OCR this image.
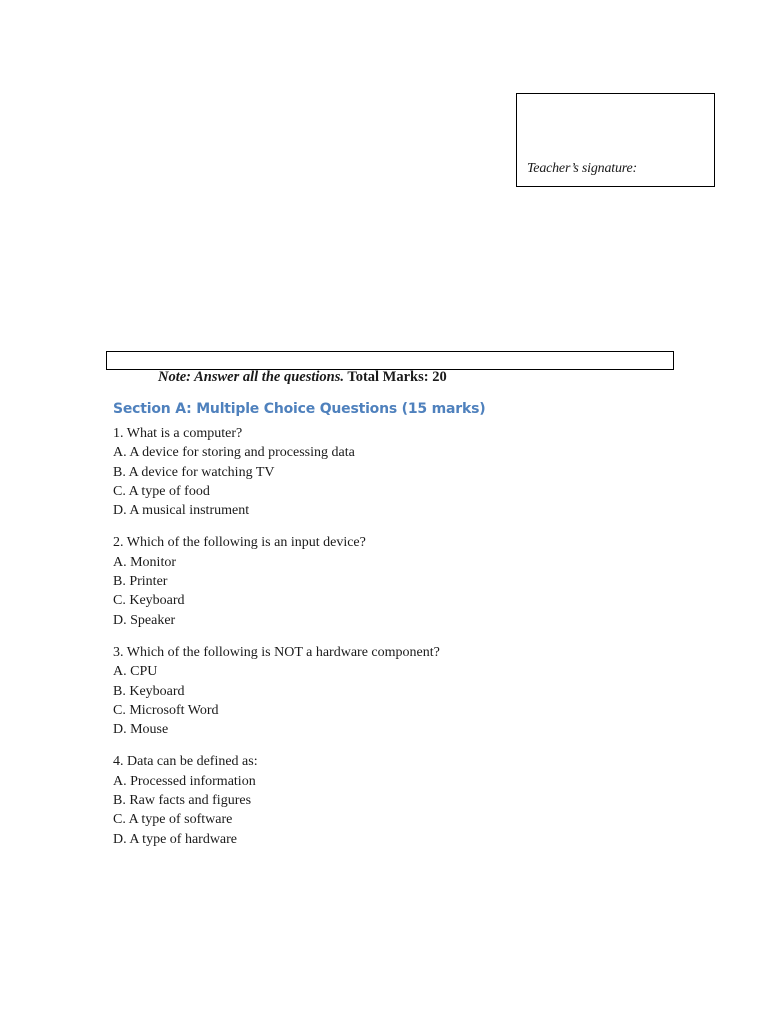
Teacher’s signature:
Note: Answer all the questions. Total Marks: 20
Section A: Multiple Choice Questions (15 marks)
1. What is a computer?
A. A device for storing and processing data
B. A device for watching TV
C. A type of food
D. A musical instrument
2. Which of the following is an input device?
A. Monitor
B. Printer
C. Keyboard
D. Speaker
3. Which of the following is NOT a hardware component?
A. CPU
B. Keyboard
C. Microsoft Word
D. Mouse
4. Data can be defined as:
A. Processed information
B. Raw facts and figures
C. A type of software
D. A type of hardware
